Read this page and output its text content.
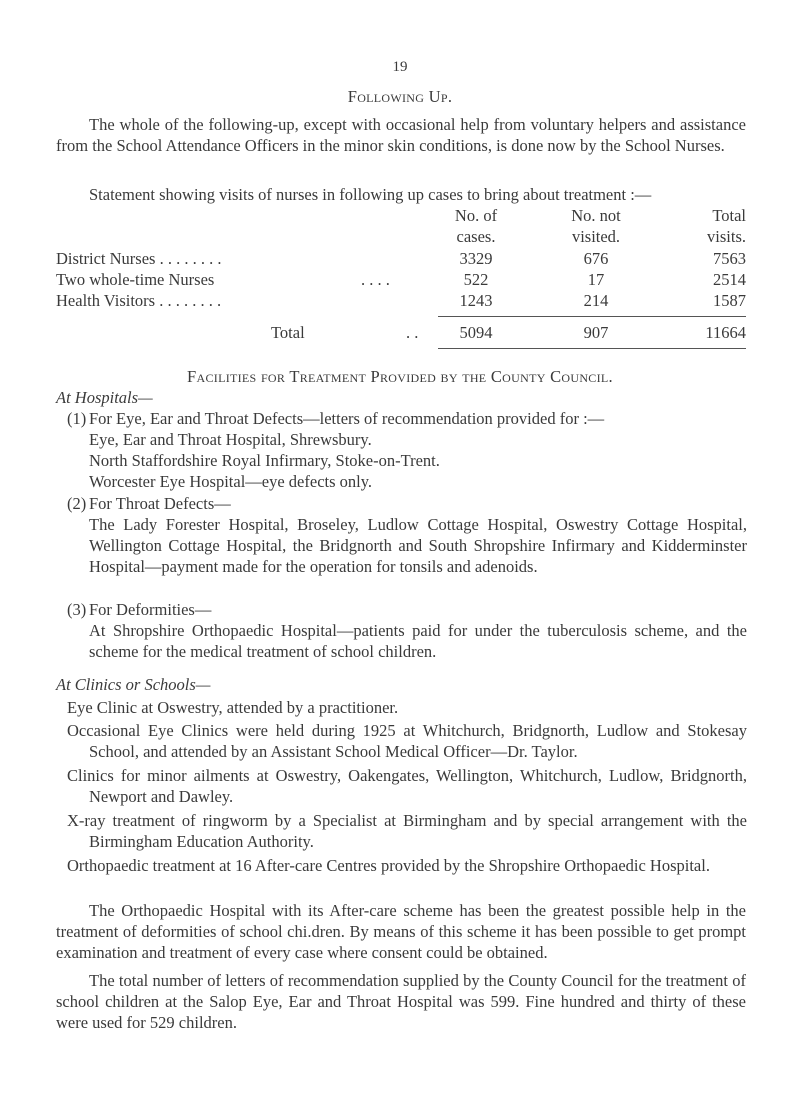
19
Following Up.
The whole of the following-up, except with occasional help from voluntary helpers and assistance from the School Attendance Officers in the minor skin conditions, is done now by the School Nurses.
Statement showing visits of nurses in following up cases to bring about treatment :—
No. of	No. not	Total
cases.	visited.	visits.
District Nurses . . . . . . . .	3329	676	7563
Two whole-time Nurses	. . . .	522	17	2514
Health Visitors . . . . . . . .	1243	214	1587
Total	. .	5094	907	11664
Facilities for Treatment Provided by the County Council.
At Hospitals—
(1) For Eye, Ear and Throat Defects—letters of recommendation provided for :—
Eye, Ear and Throat Hospital, Shrewsbury.
North Staffordshire Royal Infirmary, Stoke-on-Trent.
Worcester Eye Hospital—eye defects only.
(2) For Throat Defects—
The Lady Forester Hospital, Broseley, Ludlow Cottage Hospital, Oswestry Cottage Hospital, Wellington Cottage Hospital, the Bridgnorth and South Shropshire Infirmary and Kidderminster Hospital—payment made for the operation for tonsils and adenoids.
(3) For Deformities—
At Shropshire Orthopaedic Hospital—patients paid for under the tuberculosis scheme, and the scheme for the medical treatment of school children.
At Clinics or Schools—
Eye Clinic at Oswestry, attended by a practitioner.
Occasional Eye Clinics were held during 1925 at Whitchurch, Bridgnorth, Ludlow and Stokesay School, and attended by an Assistant School Medical Officer—Dr. Taylor.
Clinics for minor ailments at Oswestry, Oakengates, Wellington, Whitchurch, Ludlow, Bridgnorth, Newport and Dawley.
X-ray treatment of ringworm by a Specialist at Birmingham and by special arrangement with the Birmingham Education Authority.
Orthopaedic treatment at 16 After-care Centres provided by the Shropshire Orthopaedic Hospital.
The Orthopaedic Hospital with its After-care scheme has been the greatest possible help in the treatment of deformities of school chi.dren. By means of this scheme it has been possible to get prompt examination and treatment of every case where consent could be obtained.
The total number of letters of recommendation supplied by the County Council for the treatment of school children at the Salop Eye, Ear and Throat Hospital was 599. Fine hundred and thirty of these were used for 529 children.
